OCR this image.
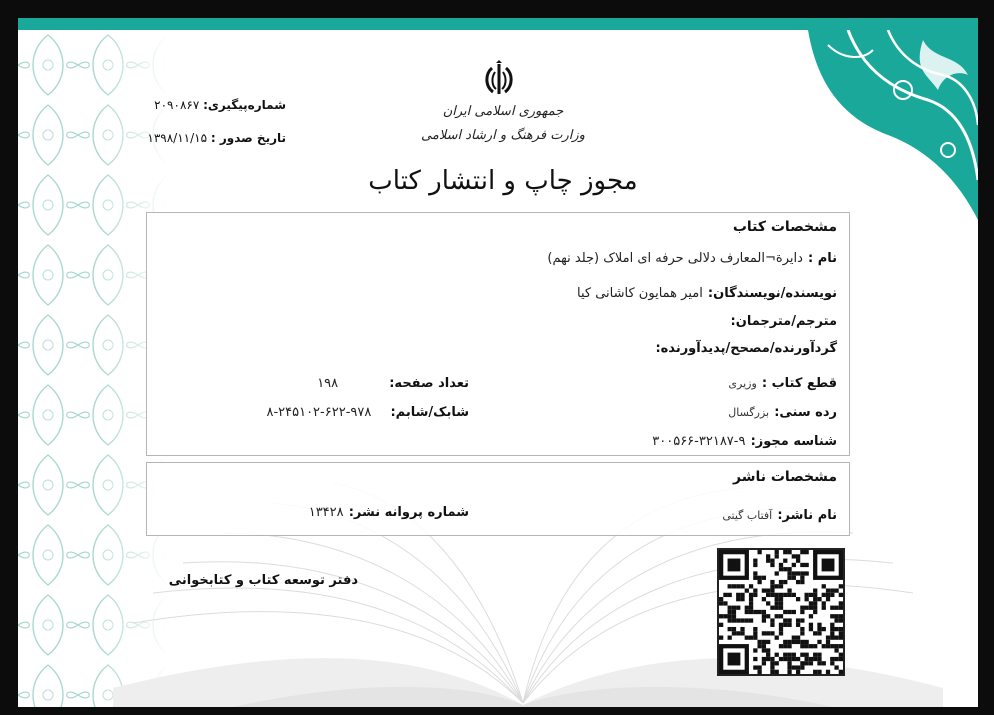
جمهوری اسلامی ایران
وزارت فرهنگ و ارشاد اسلامی
مجوز چاپ و انتشار کتاب
شماره‌پیگیری: ۲۰۹۰۸۶۷
تاریخ صدور : ۱۳۹۸/۱۱/۱۵
مشخصات کتاب
نام : دایرة¬المعارف دلالی حرفه ای املاک (جلد نهم)
نویسنده/نویسندگان: امیر همایون کاشانی کیا
مترجم/مترجمان:
گردآورنده/مصحح/پدیدآورنده:
قطع کتاب : وزیری
تعداد صفحه: ۱۹۸
رده سنی: بزرگسال
شابک/شابم: ۹۷۸-۶۲۲-۲۴۵۱۰۲-۸
شناسه مجوز: ۹-۳۲۱۸۷-۳۰۰۵۶۶
مشخصات ناشر
نام ناشر: آفتاب گیتی
شماره پروانه نشر: ۱۳۴۲۸
دفتر توسعه کتاب و کتابخوانی
